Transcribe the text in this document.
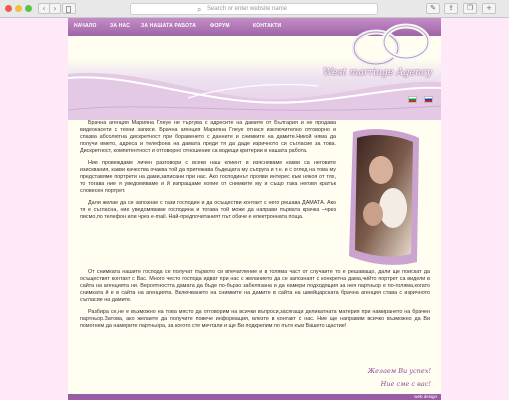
‹ ›	⌕ Search or enter website name	✎	⇪	❐	+
НАЧАЛО	ЗА НАС ЗА НАШАТА РАБОТА	ФОРУМ	КОНТАКТИ
West marriage Agency

Брачна агенция Марияна Глеуе не търгува с адресите на дамите от България и не продава видеокасети с техни записи. Брачна агенция Марияна Глеуе отнася изключително отговорно и спазва абсолютна дискретност при боравенето с данните и снимките на дамите.Никой няма да получи името, адреса и телефона на дамата преди тя да даде изричното си съгласие за това. Дискретност, компетентност и отговорно отношение са водещи критерии в нашата работа.

Ние провеждаме личен разговори с всеки наш клиент и изясняваме какви са неговите изисквания, какви качества очаква той да притежава бъдещата му съпруга и т.н. и с оглед на това му представяме портрети на дами,записани при нас. Ако господинът прояви интерес към някоя от тях, то тогава ние я уведомяваме и й изпращаме копие от снимките му и също така неговя кратък словесен портрет.

Дали желае да се запознае с тази господин и да осъществи контакт с него решава ДАМАТА. Ако тя е съгласна, ние уведомяваме господина и тогава той може да направи първата крачка –чрез писмо,по телефон или чрез e-mail. Най-предпочитаният път обаче е електронната поща.

От снимката нашите господа се получат първото си впечатление и в голяма част от случаите то е решаващо, дали ще поискат да осъществят контакт с Вас. Много често господа идват при нас с желанието да се запознаят с конкретна дама,чийто портрет са видели в сайта на агенцията ни. Вероятността дамата да бъде по-бързо забелязана и да намери подходящия за нея партньор е по-голяма,когато снимката й е в сайта на агенцията. Включването на снимките на дамите в сайта на швейцарската брачна агенция става с изричното съгласие на дамите.

Разбира се,не е възможно на това място да отговорим на всички въпроси,засягащи деликатната материя при намирането на брачен партньор.Затова, ако желаете да получите повече информация, влезте в контакт с нас. Ние ще направим всичко възможно да Ви помогнем да намерите партньора, за когото сте мечтали и ще Ви подкрепим по пътя към Вашето щастие!

Желаем Ви успех!
Ние сме с вас!
web design
